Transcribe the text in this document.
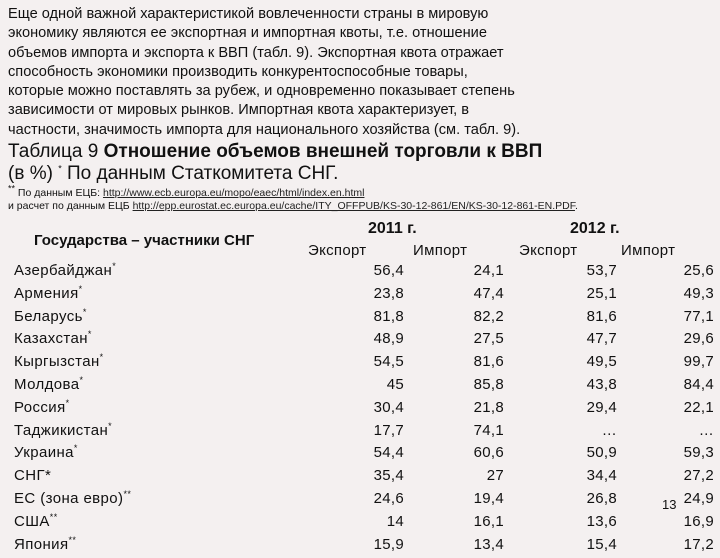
Еще одной важной характеристикой вовлеченности страны в мировую
экономику являются ее экспортная и импортная квоты, т.е. отношение
объемов импорта и экспорта к ВВП (табл. 9). Экспортная квота отражает
способность экономики производить конкурентоспособные товары,
которые можно поставлять за рубеж, и одновременно показывает степень
зависимости от мировых рынков. Импортная квота характеризует, в
частности, значимость импорта для национального хозяйства (см. табл. 9).
Таблица 9 Отношение объемов внешней торговли к ВВП
(в %) * По данным Статкомитета СНГ.
** По данным ЕЦБ: http://www.ecb.europa.eu/mopo/eaec/html/index.en.html
и расчет по данным ЕЦБ http://epp.eurostat.ec.europa.eu/cache/ITY_OFFPUB/KS-30-12-861/EN/KS-30-12-861-EN.PDF.
Государства – участники СНГ
2011 г.	2012 г.
Экспорт	Импорт	Экспорт	Импорт
Азербайджан*	56,4	24,1	53,7	25,6
Армения*	23,8	47,4	25,1	49,3
Беларусь*	81,8	82,2	81,6	77,1
Казахстан*	48,9	27,5	47,7	29,6
Кыргызстан*	54,5	81,6	49,5	99,7
Молдова*	45	85,8	43,8	84,4
Россия*	30,4	21,8	29,4	22,1
Таджикистан*	17,7	74,1	…	…
Украина*	54,4	60,6	50,9	59,3
СНГ*	35,4	27	34,4	27,2
ЕС (зона евро)**	24,6	19,4	26,8	24,9
США**	14	16,1	13,6	16,9
Япония**	15,9	13,4	15,4	17,2
13
